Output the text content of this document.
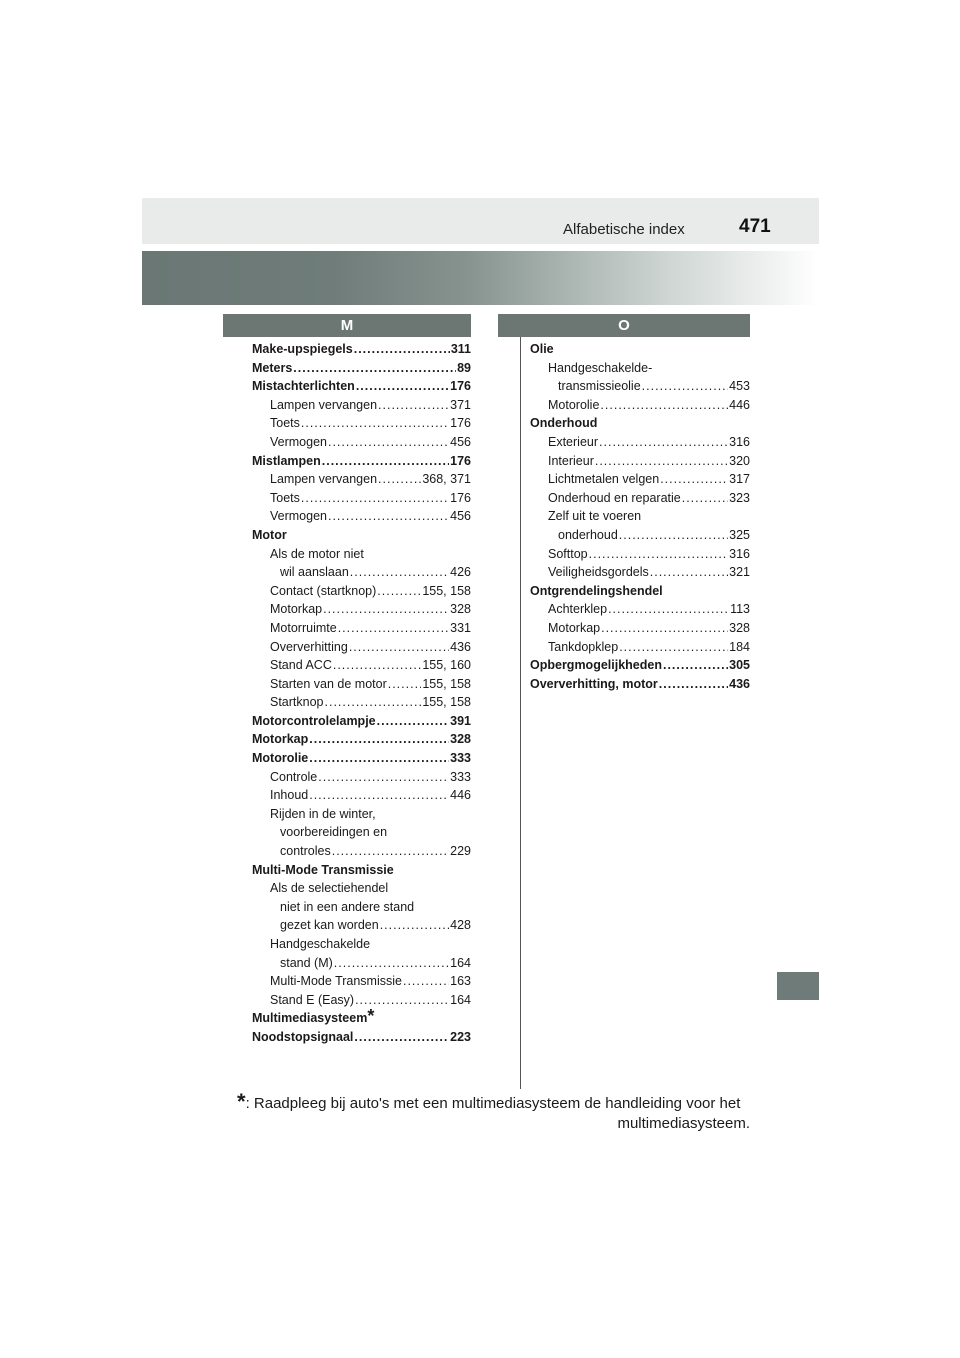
Alfabetische index	471
M	O
Make-upspiegels .....	311
Meters .....	89
Mistachterlichten .....	176
Lampen vervangen .....	371
Toets .....	176
Vermogen .....	456
Mistlampen .....	176
Lampen vervangen .....	368, 371
Toets .....	176
Vermogen .....	456
Motor
Als de motor niet
wil aanslaan .....	426
Contact (startknop) .....	155, 158
Motorkap .....	328
Motorruimte .....	331
Oververhitting .....	436
Stand ACC .....	155, 160
Starten van de motor .....	155, 158
Startknop .....	155, 158
Motorcontrolelampje .....	391
Motorkap .....	328
Motorolie .....	333
Controle .....	333
Inhoud .....	446
Rijden in de winter,
voorbereidingen en
controles .....	229
Multi-Mode Transmissie
Als de selectiehendel
niet in een andere stand
gezet kan worden .....	428
Handgeschakelde
stand (M) .....	164
Multi-Mode Transmissie .....	163
Stand E (Easy) .....	164
Multimediasysteem *
Noodstopsignaal .....	223
Olie
Handgeschakelde-
transmissieolie .....	453
Motorolie .....	446
Onderhoud
Exterieur .....	316
Interieur .....	320
Lichtmetalen velgen .....	317
Onderhoud en reparatie .....	323
Zelf uit te voeren
onderhoud .....	325
Softtop .....	316
Veiligheidsgordels .....	321
Ontgrendelingshendel
Achterklep .....	113
Motorkap .....	328
Tankdopklep .....	184
Opbergmogelijkheden .....	305
Oververhitting, motor .....	436
*: Raadpleeg bij auto's met een multimediasysteem de handleiding voor het
multimediasysteem.
